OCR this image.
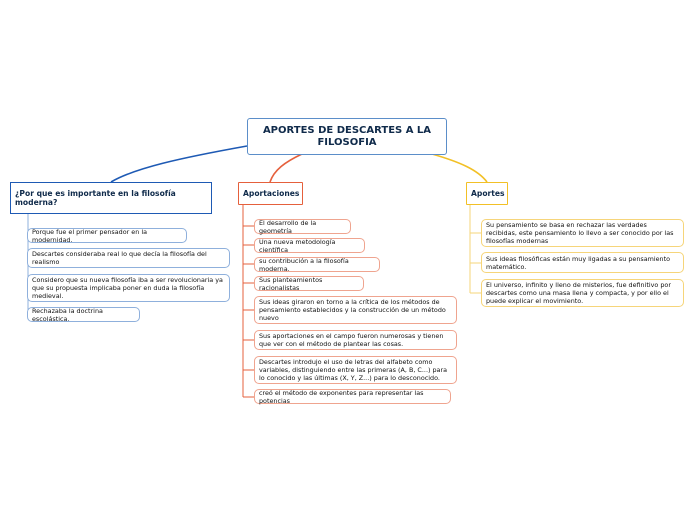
APORTES DE DESCARTES A LA FILOSOFIA
¿Por que es importante en la filosofía moderna?
Aportaciones	Aportes
Porque fue el primer pensador en la modernidad.
Descartes consideraba real lo que decía la filosofía del realismo
Considero que su nueva filosofía iba a ser revolucionaria ya que su propuesta implicaba poner en duda la filosofía medieval.
Rechazaba la doctrina escolástica.
El desarrollo de la geometría
Una nueva metodología científica
su contribución a la filosofía moderna.
Sus planteamientos racionalistas
Sus ideas giraron en torno a la crítica de los métodos de pensamiento establecidos y la construcción de un método nuevo
Sus aportaciones en el campo fueron numerosas y tienen que ver con el método de plantear las cosas.
Descartes introdujo el uso de letras del alfabeto como variables, distinguiendo entre las primeras (A, B, C...) para lo conocido y las últimas (X, Y, Z...) para lo desconocido.
creó el método de exponentes para representar las potencias
Su pensamiento se basa en rechazar las verdades recibidas, este pensamiento lo llevo a ser conocido por las filosofías modernas
Sus ideas filosóficas están muy ligadas a su pensamiento matemático.
El universo, infinito y lleno de misterios, fue definitivo por descartes como una masa llena y compacta, y por ello el puede explicar el movimiento.
